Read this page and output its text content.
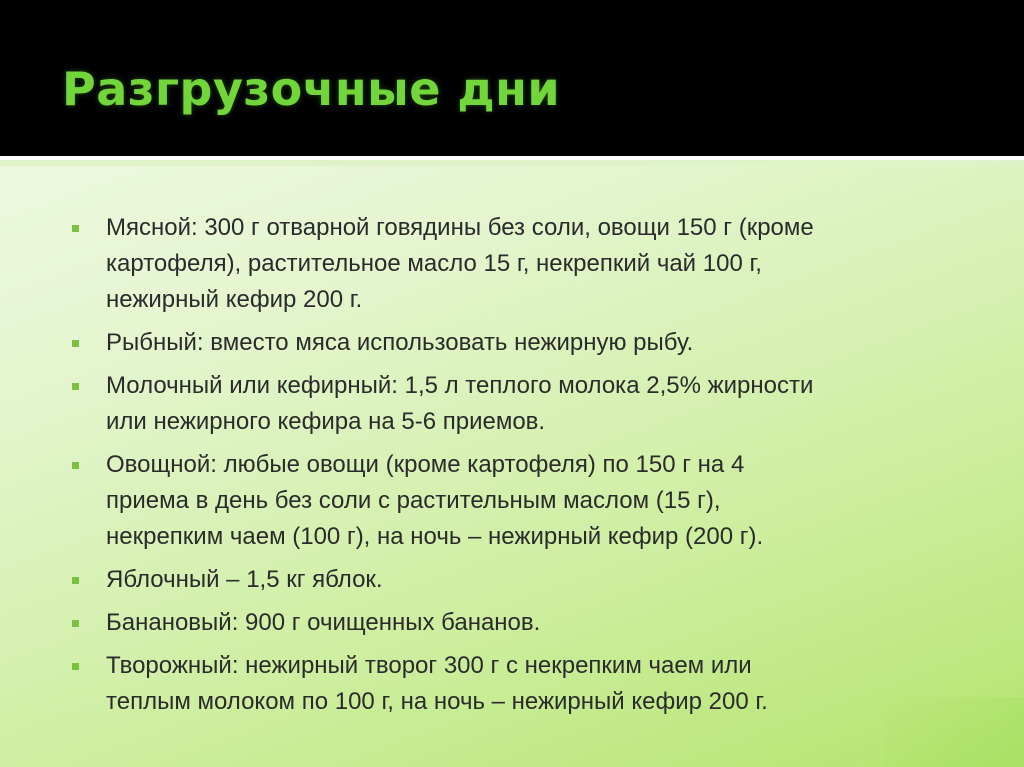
Разгрузочные дни
Мясной: 300 г отварной говядины без соли, овощи 150 г (кроме
картофеля), растительное масло 15 г, некрепкий чай 100 г,
нежирный кефир 200 г.
Рыбный: вместо мяса использовать нежирную рыбу.
Молочный или кефирный: 1,5 л теплого молока 2,5% жирности
или нежирного кефира на 5-6 приемов.
Овощной: любые овощи (кроме картофеля) по 150 г на 4
приема в день без соли с растительным маслом (15 г),
некрепким чаем (100 г), на ночь – нежирный кефир (200 г).
Яблочный – 1,5 кг яблок.
Банановый: 900 г очищенных бананов.
Творожный: нежирный творог 300 г с некрепким чаем или
теплым молоком по 100 г, на ночь – нежирный кефир 200 г.
